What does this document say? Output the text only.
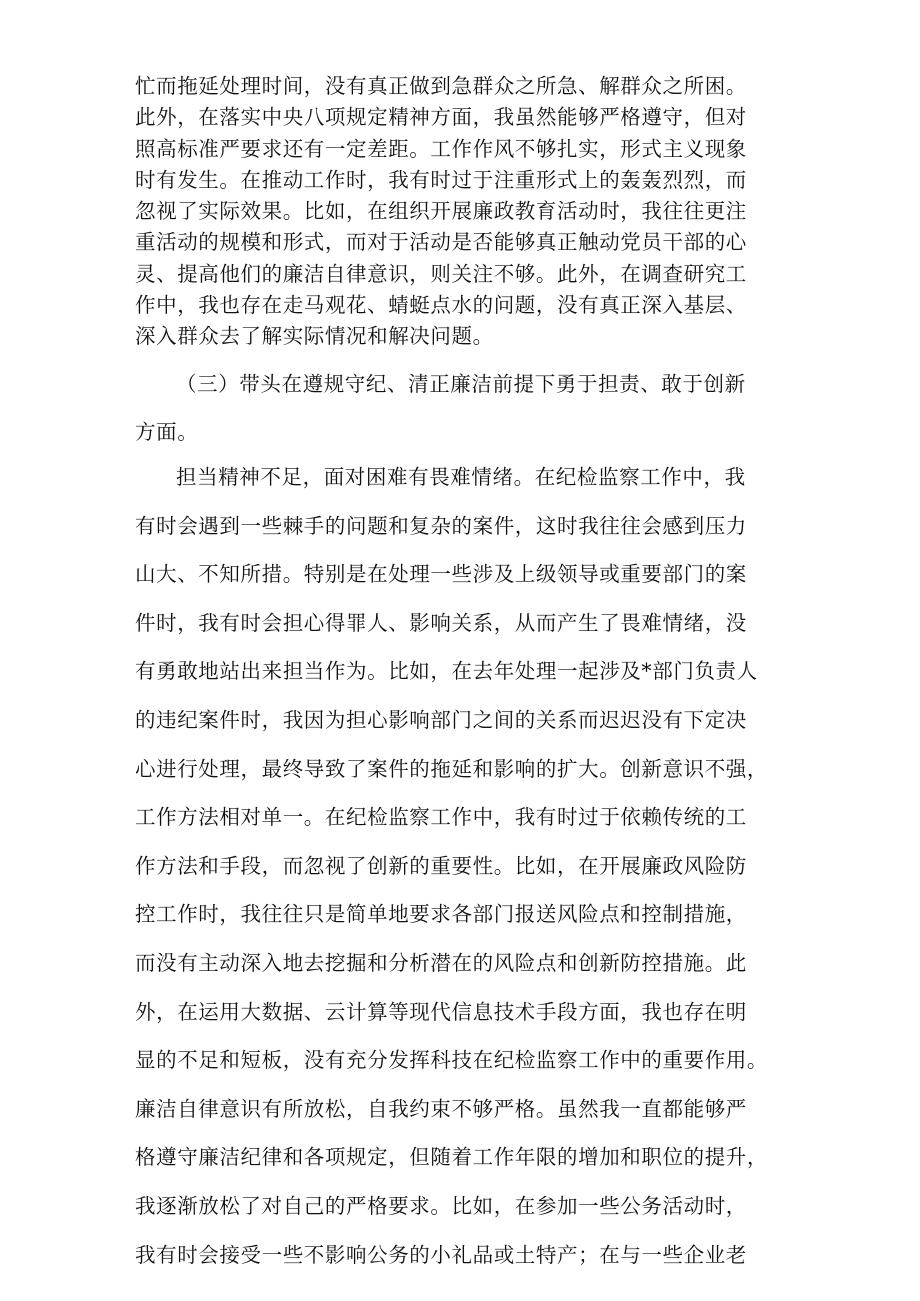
忙而拖延处理时间，没有真正做到急群众之所急、解群众之所困。
此外，在落实中央八项规定精神方面，我虽然能够严格遵守，但对
照高标准严要求还有一定差距。工作作风不够扎实，形式主义现象
时有发生。在推动工作时，我有时过于注重形式上的轰轰烈烈，而
忽视了实际效果。比如，在组织开展廉政教育活动时，我往往更注
重活动的规模和形式，而对于活动是否能够真正触动党员干部的心
灵、提高他们的廉洁自律意识，则关注不够。此外，在调查研究工
作中，我也存在走马观花、蜻蜓点水的问题，没有真正深入基层、
深入群众去了解实际情况和解决问题。
（三）带头在遵规守纪、清正廉洁前提下勇于担责、敢于创新
方面。
担当精神不足，面对困难有畏难情绪。在纪检监察工作中，我
有时会遇到一些棘手的问题和复杂的案件，这时我往往会感到压力
山大、不知所措。特别是在处理一些涉及上级领导或重要部门的案
件时，我有时会担心得罪人、影响关系，从而产生了畏难情绪，没
有勇敢地站出来担当作为。比如，在去年处理一起涉及*部门负责人
的违纪案件时，我因为担心影响部门之间的关系而迟迟没有下定决
心进行处理，最终导致了案件的拖延和影响的扩大。创新意识不强，
工作方法相对单一。在纪检监察工作中，我有时过于依赖传统的工
作方法和手段，而忽视了创新的重要性。比如，在开展廉政风险防
控工作时，我往往只是简单地要求各部门报送风险点和控制措施，
而没有主动深入地去挖掘和分析潜在的风险点和创新防控措施。此
外，在运用大数据、云计算等现代信息技术手段方面，我也存在明
显的不足和短板，没有充分发挥科技在纪检监察工作中的重要作用。
廉洁自律意识有所放松，自我约束不够严格。虽然我一直都能够严
格遵守廉洁纪律和各项规定，但随着工作年限的增加和职位的提升，
我逐渐放松了对自己的严格要求。比如，在参加一些公务活动时，
我有时会接受一些不影响公务的小礼品或土特产；在与一些企业老
